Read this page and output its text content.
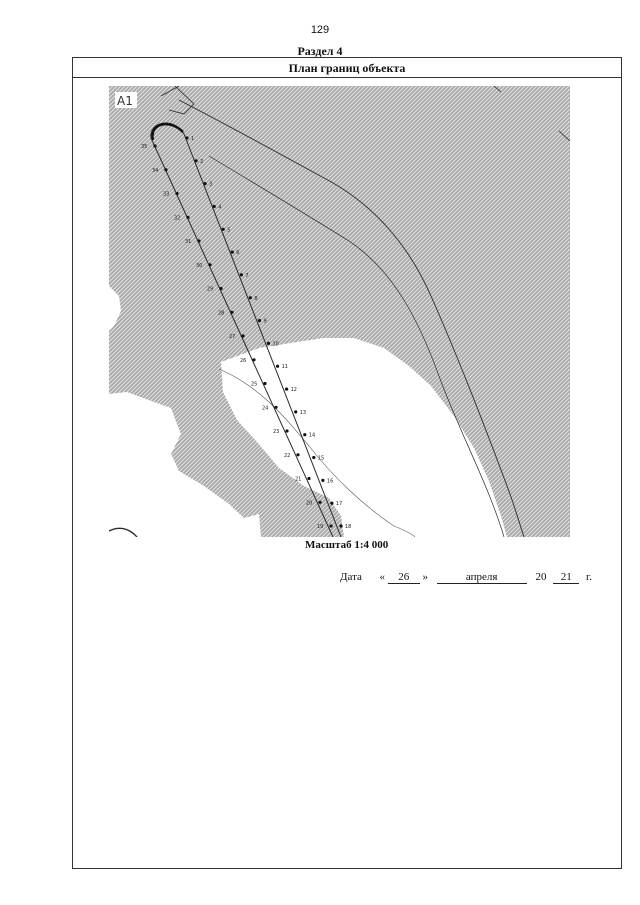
129
Раздел 4
План границ объекта
А1
1
2
3
4
5
6
7
8
9
10
11
12
13
14
15
16
17
18
19
20
21
22
23
24
25
26
27
28
29
30
31
32
33
34
35
Масштаб 1:4 000
Дата « 26 »	апреля	20 21 г.
